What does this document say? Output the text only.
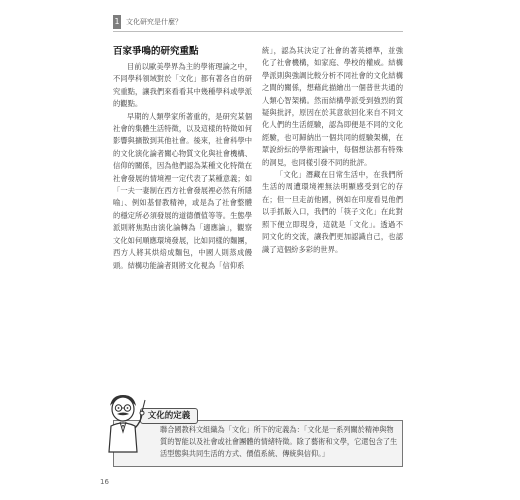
1 文化研究是什麼？
百家爭鳴的研究重點

目前以歐美學界為主的學術理論之中，不同學科領域對於「文化」都有著各自的研究重點，讓我們來看看其中幾種學科或學派的觀點。

早期的人類學家所著重的，是研究某個社會的集體生活特徵，以及這樣的特徵如何影響與擴散到其他社會。後來，社會科學中的文化演化論者關心物質文化與社會機構、信仰的關係，因為他們認為某種文化特徵在社會發展的情境裡一定代表了某種意義；如「一夫一妻制在西方社會發展裡必然有所隱喻」、例如基督教精神，或是為了社會整體的穩定所必須發展的道德價值等等。生態學派則將焦點由演化論轉為「適應論」，觀察文化如何順應環境發展，比如同樣的麵團，西方人將其烘焙成麵包，中國人則蒸成饅頭。結構功能論者則將文化視為「信仰系

統」，認為其決定了社會的著英標準，並強化了社會機構，如家庭、學校的權威。結構學派則與強調比較分析不同社會的文化結構之間的關係，想藉此描繪出一個普世共通的人類心智架構。然而結構學派受到強烈的質疑與批評，原因在於其意欲回化來自不同文化人們的生活經驗，認為即便是不同的文化經驗，也可歸納出一個共同的經驗架構，在眾說紛紜的學術理論中，每個想法都有特殊的洞見，也同樣引發不同的批評。

「文化」潛藏在日常生活中，在我們所生活的周遭環境裡無法明顯感受到它的存在；但一旦走訪他國，例如在印度看見他們以手抓飯入口，我們的「筷子文化」在此對照下便立即現身，這就是「文化」。透過不同文化的交流，讓我們更加認識自己，也認識了這個紛多彩的世界。

聯合國教科文組織為「文化」所下的定義為：「文化是一系列關於精神與物質的智能以及社會或社會團體的情緒特徵。除了藝術和文學，它還包含了生活型態與共同生活的方式、價值系統、傳統與信仰。」

文化的定義
16
